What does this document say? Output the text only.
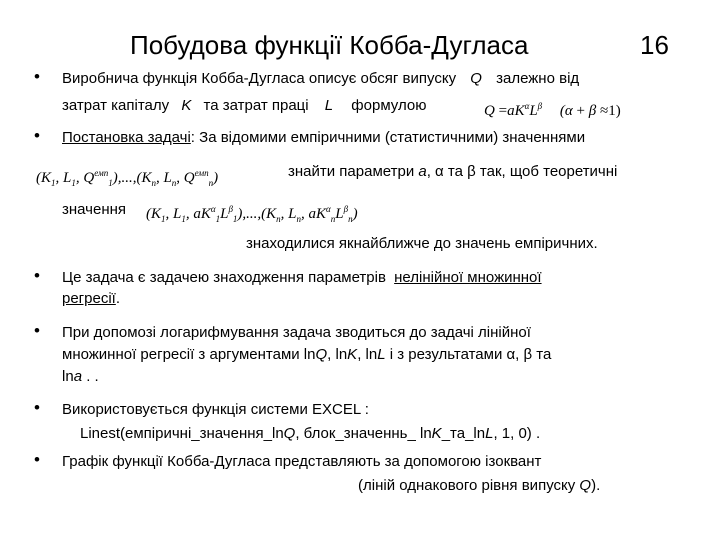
Побудова функції Кобба-Дугласа	16
• Виробнича функція Кобба-Дугласа описує обсяг випуску Q залежно від
затрат капіталу K та затрат праці L формулою	$Q =aK^\alpha L^\beta$ (α + β ≈1)
• Постановка задачі: За відомими емпіричними (статистичними) значеннями
($K_1$, $L_1$, $Q^{емп}_1),...,(K_n$, $L_n$, $Q^{емп}_n$)	знайти параметри a, α та β так, щоб теоретичні
значення ($K_1$, $L_1$, $aK^\alpha_1L^\beta_1),...,(K_n$, $L_n$, $aK^\alpha_nL^\beta_n$)
знаходилися якнайближче до значень емпіричних.
• Це задача є задачею знаходження параметрів нелінійної множинної
регресії.
• При допомозі логарифмування задача зводиться до задачі лінійної
множинної регресії з аргументами lnQ, lnK, lnL і з результатами α, β та
lna . .
• Використовується функція системи EXCEL :
Linest(емпіричні_значення_lnQ, блок_значеннь_ lnK_та_lnL, 1, 0) .
• Графік функції Кобба-Дугласа представляють за допомогою ізоквант
(ліній однакового рівня випуску Q).
